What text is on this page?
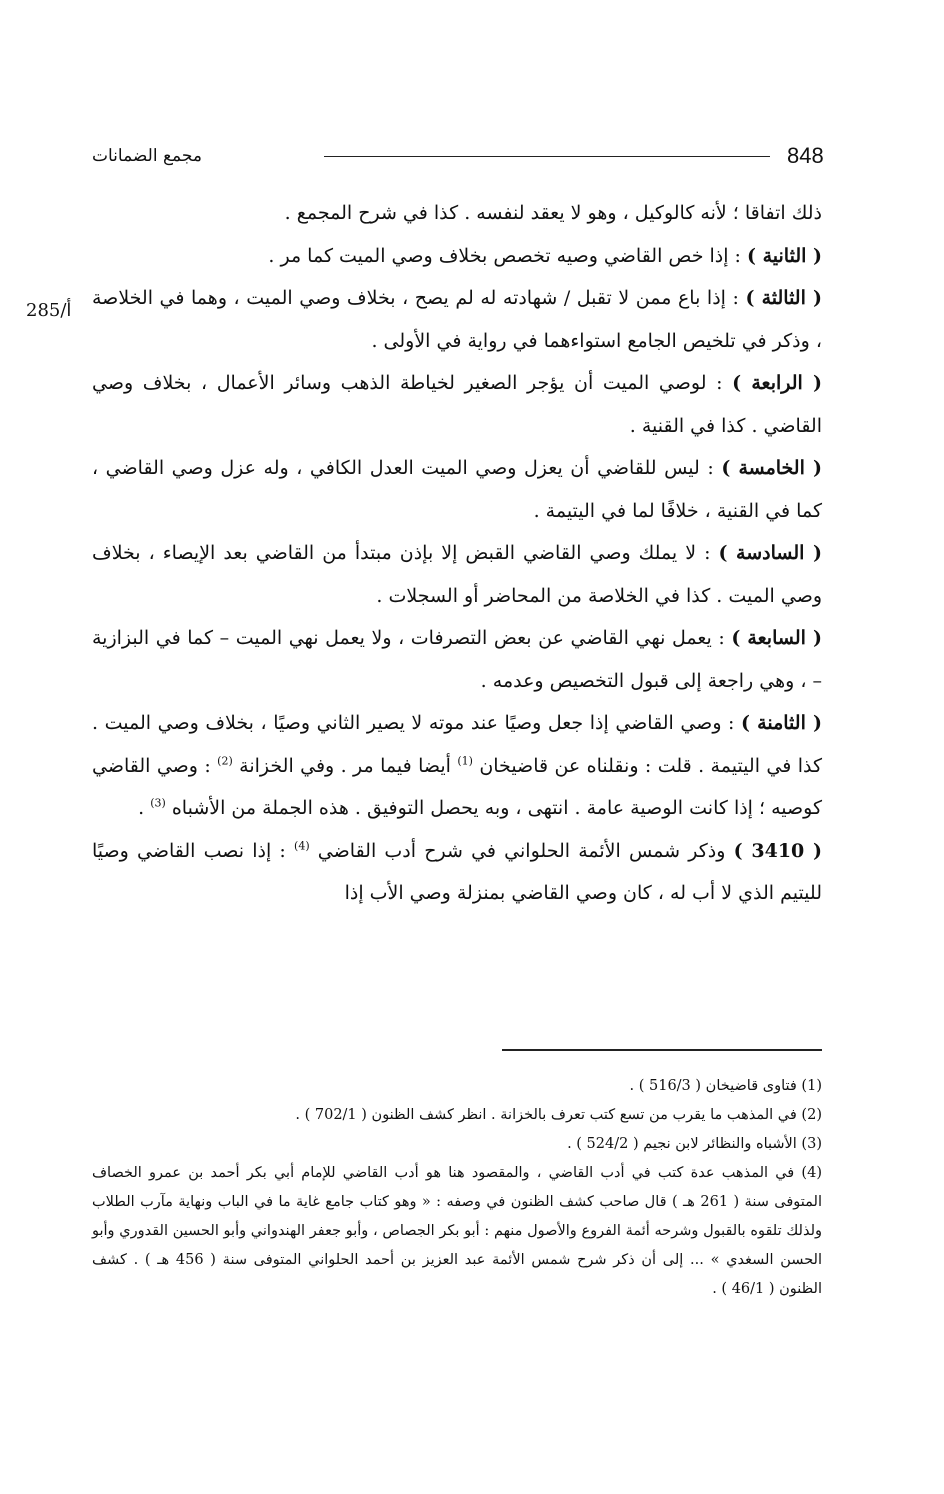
848
مجمع الضمانات
285/أ

ذلك اتفاقا ؛ لأنه كالوكيل ، وهو لا يعقد لنفسه . كذا في شرح المجمع .

( الثانية ) : إذا خص القاضي وصيه تخصص بخلاف وصي الميت كما مر .

( الثالثة ) : إذا باع ممن لا تقبل / شهادته له لم يصح ، بخلاف وصي الميت ، وهما في الخلاصة ، وذكر في تلخيص الجامع استواءهما في رواية في الأولى .

( الرابعة ) : لوصي الميت أن يؤجر الصغير لخياطة الذهب وسائر الأعمال ، بخلاف وصي القاضي . كذا في القنية .

( الخامسة ) : ليس للقاضي أن يعزل وصي الميت العدل الكافي ، وله عزل وصي القاضي ، كما في القنية ، خلافًا لما في اليتيمة .

( السادسة ) : لا يملك وصي القاضي القبض إلا بإذن مبتدأ من القاضي بعد الإيصاء ، بخلاف وصي الميت . كذا في الخلاصة من المحاضر أو السجلات .

( السابعة ) : يعمل نهي القاضي عن بعض التصرفات ، ولا يعمل نهي الميت – كما في البزازية – ، وهي راجعة إلى قبول التخصيص وعدمه .

( الثامنة ) : وصي القاضي إذا جعل وصيًا عند موته لا يصير الثاني وصيًا ، بخلاف وصي الميت . كذا في اليتيمة . قلت : ونقلناه عن قاضيخان $^{(1)}$ أيضا فيما مر . وفي الخزانة $^{(2)}$ : وصي القاضي كوصيه ؛ إذا كانت الوصية عامة . انتهى ، وبه يحصل التوفيق . هذه الجملة من الأشباه $^{(3)}$ .

( 3410 ) وذكر شمس الأئمة الحلواني في شرح أدب القاضي $^{(4)}$ : إذا نصب القاضي وصيًا لليتيم الذي لا أب له ، كان وصي القاضي بمنزلة وصي الأب إذا

(1) فتاوى قاضيخان ( 516/3 ) .

(2) في المذهب ما يقرب من تسع كتب تعرف بالخزانة . انظر كشف الظنون ( 702/1 ) .

(3) الأشباه والنظائر لابن نجيم ( 524/2 ) .

(4) في المذهب عدة كتب في أدب القاضي ، والمقصود هنا هو أدب القاضي للإمام أبي بكر أحمد بن عمرو الخصاف المتوفى سنة ( 261 هـ ) قال صاحب كشف الظنون في وصفه : « وهو كتاب جامع غاية ما في الباب ونهاية مآرب الطلاب ولذلك تلقوه بالقبول وشرحه أئمة الفروع والأصول منهم : أبو بكر الجصاص ، وأبو جعفر الهندواني وأبو الحسين القدوري وأبو الحسن السغدي » ... إلى أن ذكر شرح شمس الأئمة عبد العزيز بن أحمد الحلواني المتوفى سنة ( 456 هـ ) . كشف الظنون ( 46/1 ) .
